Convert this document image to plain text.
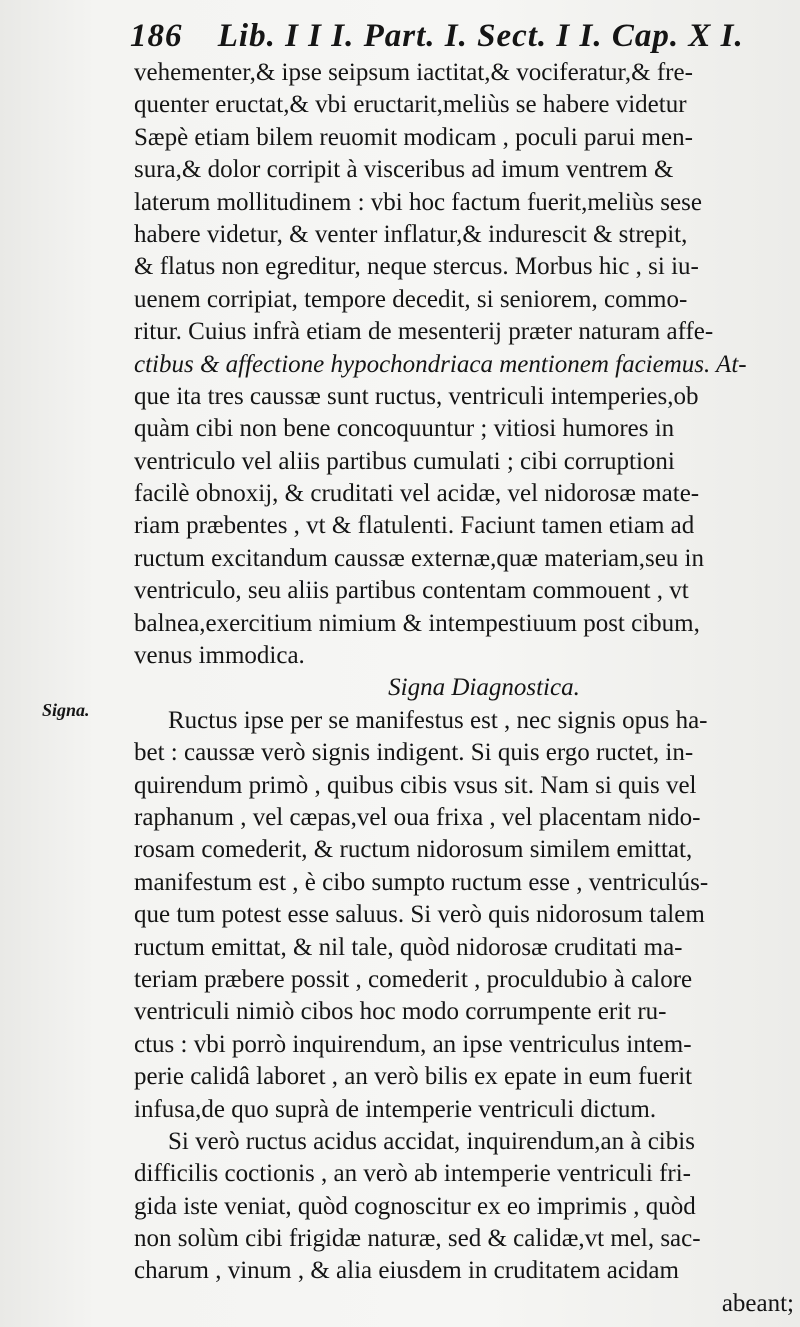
186 Lib. I I I. Part. I. Sect. I I. Cap. X I.
Signa.
vehementer,& ipse seipsum iactitat,& vociferatur,& fre-
quenter eructat,& vbi eructarit,meliùs se habere videtur
Sæpè etiam bilem reuomit modicam , poculi parui men-
sura,& dolor corripit à visceribus ad imum ventrem &
laterum mollitudinem : vbi hoc factum fuerit,meliùs sese
habere videtur, & venter inflatur,& indurescit & strepit,
& flatus non egreditur, neque stercus. Morbus hic , si iu-
uenem corripiat, tempore decedit, si seniorem, commo-
ritur. Cuius infrà etiam de mesenterij præter naturam affe-
ctibus & affectione hypochondriaca mentionem faciemus. At-
que ita tres caussæ sunt ructus, ventriculi intemperies,ob
quàm cibi non bene concoquuntur ; vitiosi humores in
ventriculo vel aliis partibus cumulati ; cibi corruptioni
facilè obnoxij, & cruditati vel acidæ, vel nidorosæ mate-
riam præbentes , vt & flatulenti. Faciunt tamen etiam ad
ructum excitandum caussæ externæ,quæ materiam,seu in
ventriculo, seu aliis partibus contentam commouent , vt
balnea,exercitium nimium & intempestiuum post cibum,
venus immodica.
Signa Diagnostica.
Ructus ipse per se manifestus est , nec signis opus ha-
bet : caussæ verò signis indigent. Si quis ergo ructet, in-
quirendum primò , quibus cibis vsus sit. Nam si quis vel
raphanum , vel cæpas,vel oua frixa , vel placentam nido-
rosam comederit, & ructum nidorosum similem emittat,
manifestum est , è cibo sumpto ructum esse , ventriculús-
que tum potest esse saluus. Si verò quis nidorosum talem
ructum emittat, & nil tale, quòd nidorosæ cruditati ma-
teriam præbere possit , comederit , proculdubio à calore
ventriculi nimiò cibos hoc modo corrumpente erit ru-
ctus : vbi porrò inquirendum, an ipse ventriculus intem-
perie calidâ laboret , an verò bilis ex epate in eum fuerit
infusa,de quo suprà de intemperie ventriculi dictum.
Si verò ructus acidus accidat, inquirendum,an à cibis
difficilis coctionis , an verò ab intemperie ventriculi fri-
gida iste veniat, quòd cognoscitur ex eo imprimis , quòd
non solùm cibi frigidæ naturæ, sed & calidæ,vt mel, sac-
charum , vinum , & alia eiusdem in cruditatem acidam
abeant;
